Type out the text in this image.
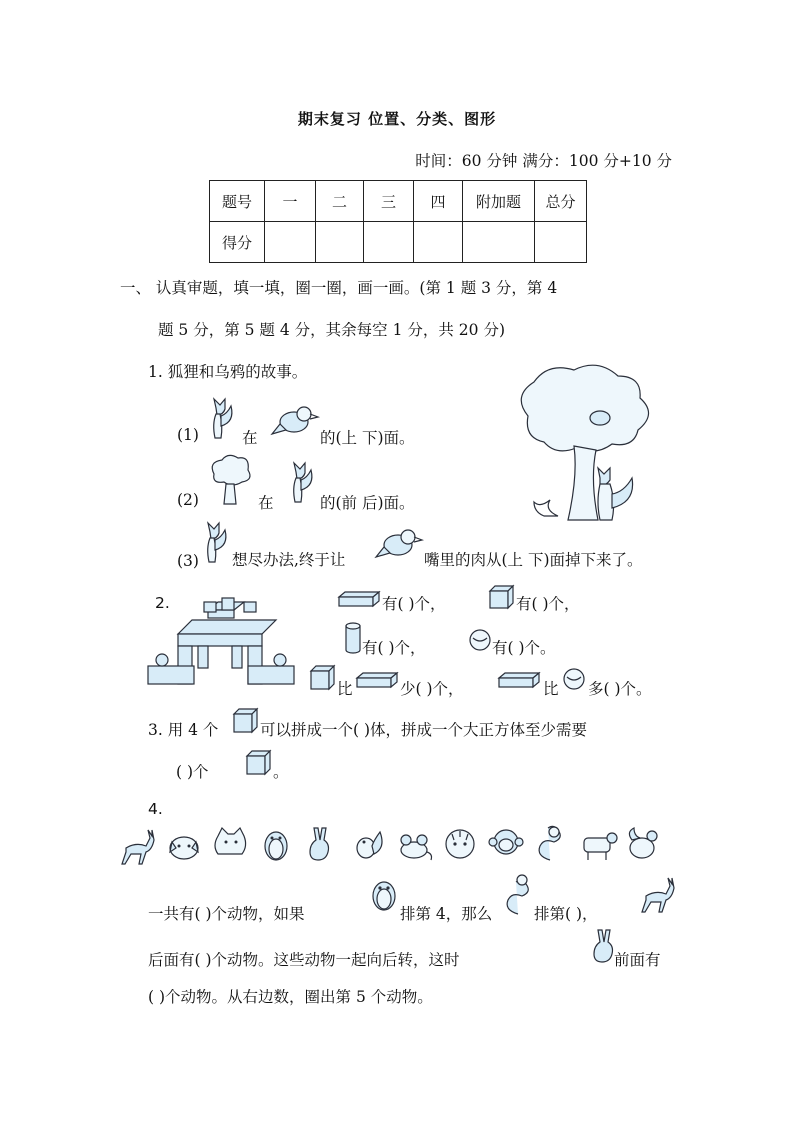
期末复习 位置、分类、图形
时间：60 分钟 满分：100 分+10 分
题号	一	二	三	四	附加题	总分
得分						
一、 认真审题，填一填，圈一圈，画一画。(第 1 题 3 分，第 4
题 5 分，第 5 题 4 分，其余每空 1 分，共 20 分)
1. 狐狸和乌鸦的故事。
(1)	在	的(上 下)面。
(2)	在	的(前 后)面。
(3) 想尽办法,终于让	嘴里的肉从(上 下)面掉下来了。
2.	有( )个，	有( )个，
有( )个，	有( )个。
比	少( )个，	比 多( )个。
3. 用 4 个	可以拼成一个( )体，拼成一个大正方体至少需要
( )个	。
4.
一共有( )个动物，如果	排第 4，那么	排第( )，
后面有( )个动物。这些动物一起向后转，这时	前面有
( )个动物。从右边数，圈出第 5 个动物。
